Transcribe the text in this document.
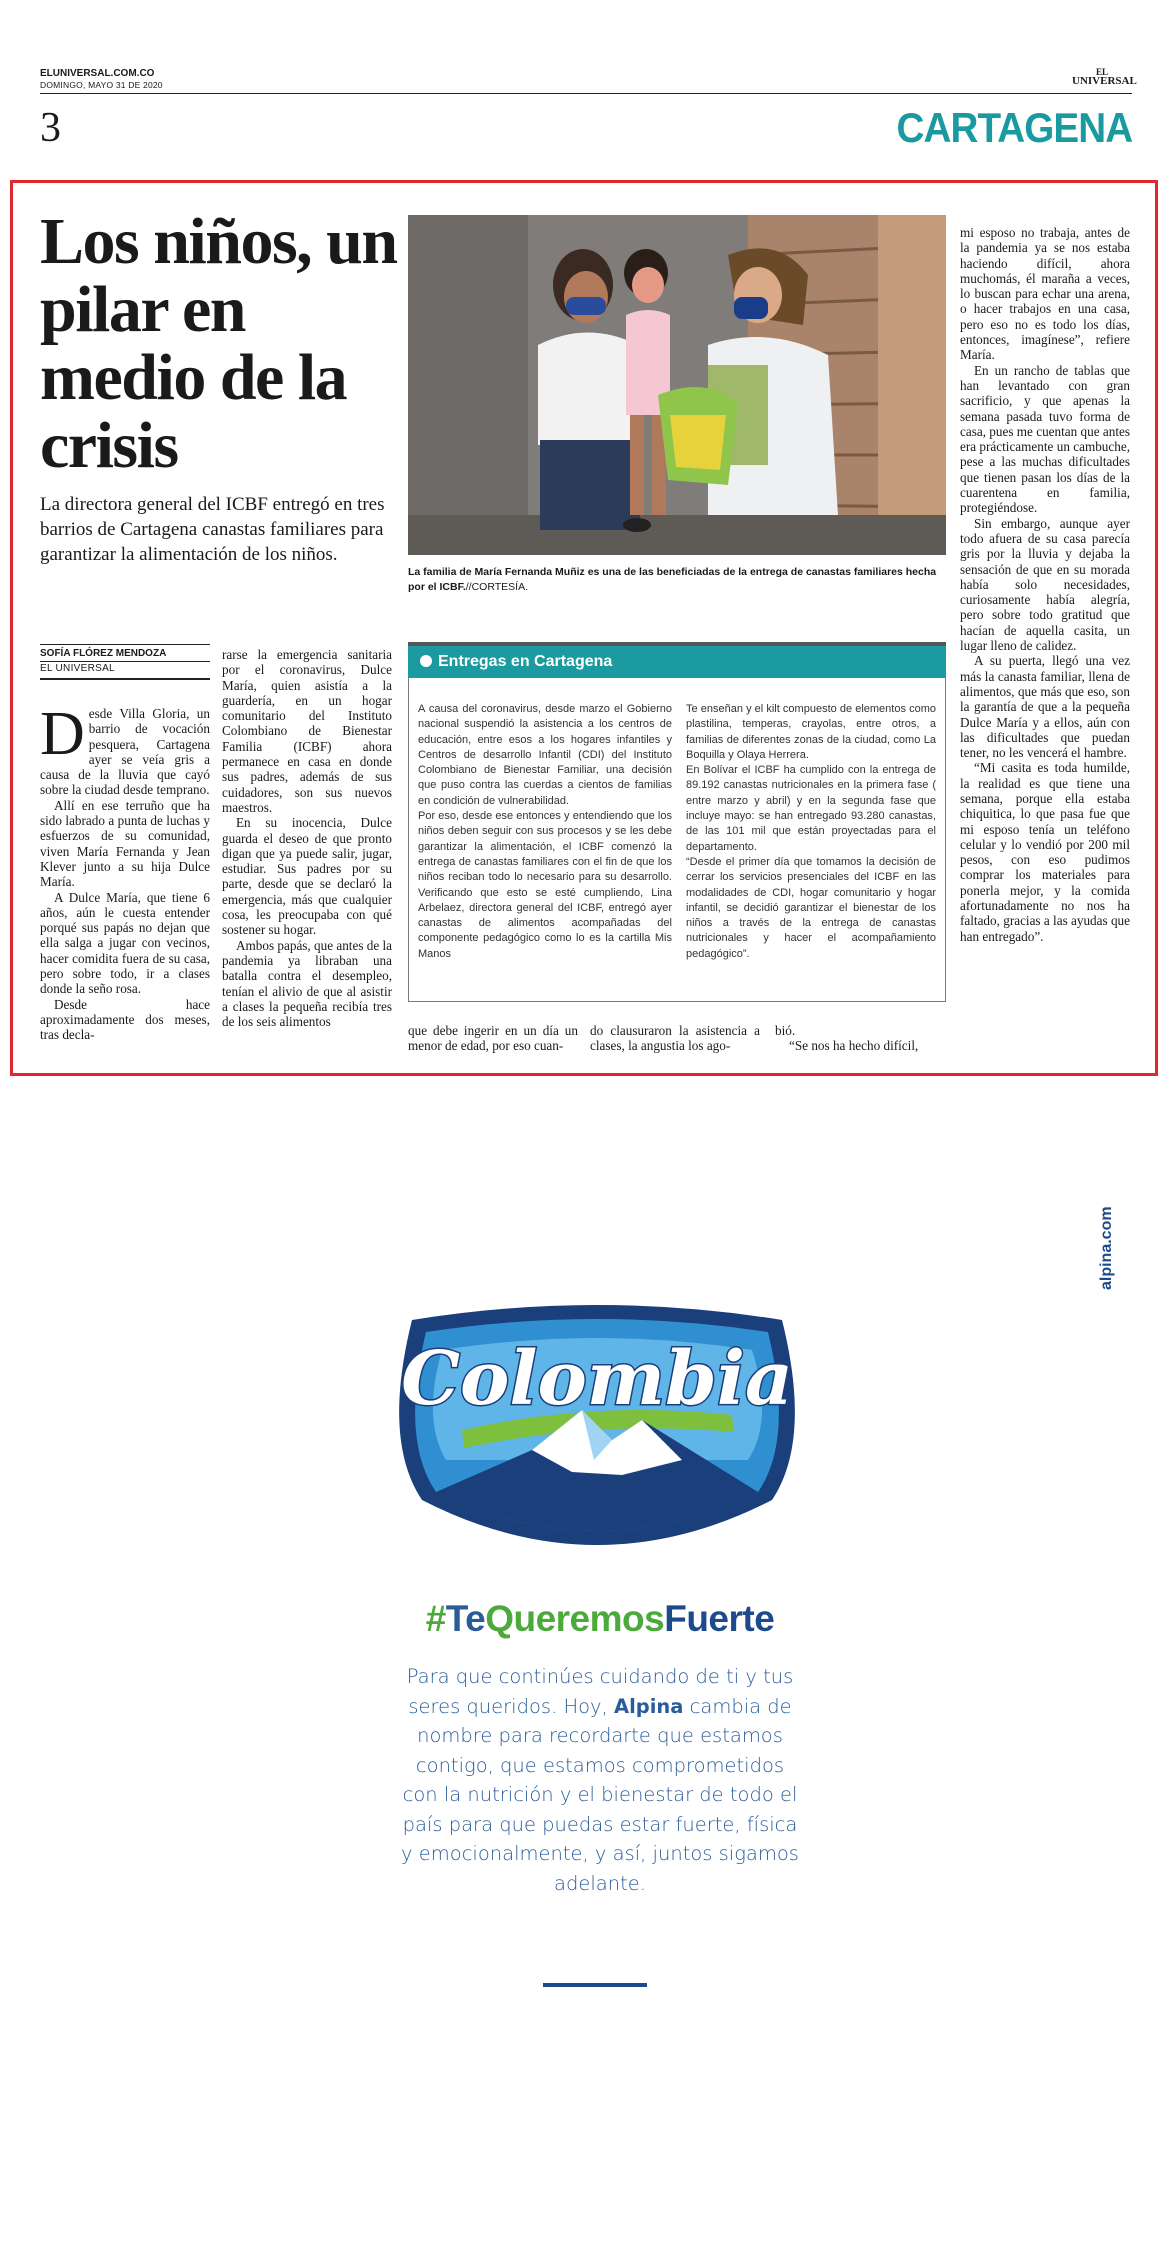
ELUNIVERSAL.COM.CO
DOMINGO, MAYO 31 DE 2020
EL
UNIVERSAL
3	CARTAGENA
Los niños, un pilar en medio de la crisis
La directora general del ICBF entregó en tres barrios de Cartagena canastas familiares para garantizar la alimentación de los niños.
La familia de María Fernanda Muñiz es una de las beneficiadas de la entrega de canastas familiares hecha por el ICBF.//CORTESÍA.
SOFÍA FLÓREZ MENDOZA
EL UNIVERSAL

Desde Villa Gloria, un barrio de vocación pesquera, Cartagena ayer se veía gris a causa de la lluvia que cayó sobre la ciudad desde temprano.

Allí en ese terruño que ha sido labrado a punta de luchas y esfuerzos de su comunidad, viven María Fernanda y Jean Klever junto a su hija Dulce María.

A Dulce María, que tiene 6 años, aún le cuesta entender porqué sus papás no dejan que ella salga a jugar con vecinos, hacer comidita fuera de su casa, pero sobre todo, ir a clases donde la seño rosa.

Desde hace aproximadamente dos meses, tras decla-

rarse la emergencia sanitaria por el coronavirus, Dulce María, quien asistía a la guardería, en un hogar comunitario del Instituto Colombiano de Bienestar Familia (ICBF) ahora permanece en casa en donde sus padres, además de sus cuidadores, son sus nuevos maestros.

En su inocencia, Dulce guarda el deseo de que pronto digan que ya puede salir, jugar, estudiar. Sus padres por su parte, desde que se declaró la emergencia, más que cualquier cosa, les preocupaba con qué sostener su hogar.

Ambos papás, que antes de la pandemia ya libraban una batalla contra el desempleo, tenían el alivio de que al asistir a clases la pequeña recibía tres de los seis alimentos

Entregas en Cartagena

A causa del coronavirus, desde marzo el Gobierno nacional suspendió la asistencia a los centros de educación, entre esos a los hogares infantiles y Centros de desarrollo Infantil (CDI) del Instituto Colombiano de Bienestar Familiar, una decisión que puso contra las cuerdas a cientos de familias en condición de vulnerabilidad.

Por eso, desde ese entonces y entendiendo que los niños deben seguir con sus procesos y se les debe garantizar la alimentación, el ICBF comenzó la entrega de canastas familiares con el fin de que los niños reciban todo lo necesario para su desarrollo. Verificando que esto se esté cumpliendo, Lina Arbelaez, directora general del ICBF, entregó ayer canastas de alimentos acompañadas del componente pedagógico como lo es la cartilla Mis Manos

Te enseñan y el kilt compuesto de elementos como plastilina, temperas, crayolas, entre otros, a familias de diferentes zonas de la ciudad, como La Boquilla y Olaya Herrera.

En Bolívar el ICBF ha cumplido con la entrega de 89.192 canastas nutricionales en la primera fase ( entre marzo y abril) y en la segunda fase que incluye mayo: se han entregado 93.280 canastas, de las 101 mil que están proyectadas para el departamento.

“Desde el primer día que tomamos la decisión de cerrar los servicios presenciales del ICBF en las modalidades de CDI, hogar comunitario y hogar infantil, se decidió garantizar el bienestar de los niños a través de la entrega de canastas nutricionales y hacer el acompañamiento pedagógico”.

que debe ingerir en un día un menor de edad, por eso cuan-

do clausuraron la asistencia a clases, la angustia los ago-

bió.

“Se nos ha hecho difícil,

mi esposo no trabaja, antes de la pandemia ya se nos estaba haciendo difícil, ahora muchomás, él maraña a veces, lo buscan para echar una arena, o hacer trabajos en una casa, pero eso no es todo los días, entonces, imagínese”, refiere María.

En un rancho de tablas que han levantado con gran sacrificio, y que apenas la semana pasada tuvo forma de casa, pues me cuentan que antes era prácticamente un cambuche, pese a las muchas dificultades que tienen pasan los días de la cuarentena en familia, protegiéndose.

Sin embargo, aunque ayer todo afuera de su casa parecía gris por la lluvia y dejaba la sensación de que en su morada había solo necesidades, curiosamente había alegría, pero sobre todo gratitud que hacían de aquella casita, un lugar lleno de calidez.

A su puerta, llegó una vez más la canasta familiar, llena de alimentos, que más que eso, son la garantía de que a la pequeña Dulce María y a ellos, aún con las dificultades que puedan tener, no les vencerá el hambre.

“Mi casita es toda humilde, la realidad es que tiene una semana, porque ella estaba chiquitica, lo que pasa fue que mi esposo tenía un teléfono celular y lo vendió por 200 mil pesos, con eso pudimos comprar los materiales para ponerla mejor, y la comida afortunadamente no nos ha faltado, gracias a las ayudas que han entregado”.

alpina.com
Colombia
#TeQueremosFuerte
Para que continúes cuidando de ti y tus seres queridos. Hoy, Alpina cambia de nombre para recordarte que estamos contigo, que estamos comprometidos con la nutrición y el bienestar de todo el país para que puedas estar fuerte, física y emocionalmente, y así, juntos sigamos adelante.
